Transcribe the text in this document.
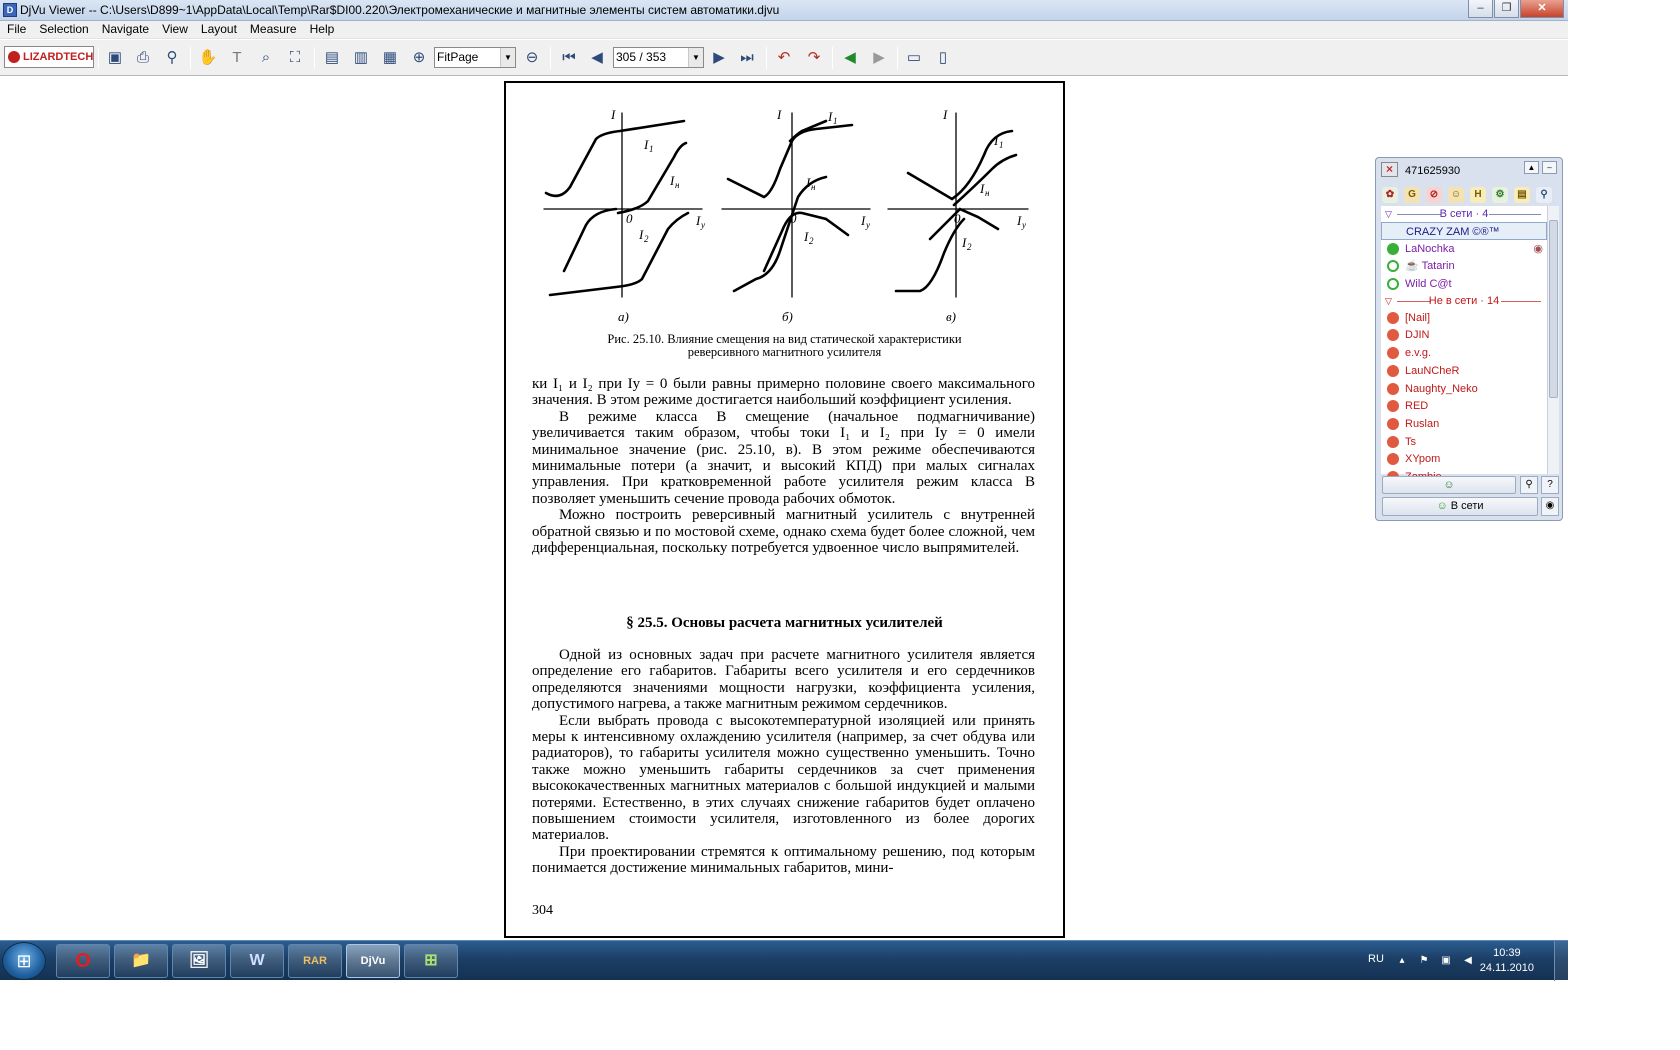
D DjVu Viewer -- C:\Users\D899~1\AppData\Local\Temp\Rar$DI00.220\Электромеханические и магнитные элементы систем автоматики.djvu	–	❐	✕
File Selection Navigate View Layout Measure Help
LIZARDTECH ▣ ⎙	⚲	✋	T	⌕	⛶	▤ ▥ ▦	⊕ FitPage	▼ ⊖	⏮	◀	305 / 353	▼ ▶	⏭	↶	↷	◀	▶	▭	▯
I	I	I
I у	I у	I у
0	0	0
I 1
I н
I 2
I 1
I н
I 2
I 1
I н
I 2
а)	б)	в)
Рис. 25.10. Влияние смещения на вид статической характеристики
реверсивного магнитного усилителя

ки I₁ и I₂ при Iу = 0 были равны примерно половине своего максимального значения. В этом режиме достигается наибольший коэффициент усиления.

В режиме класса B смещение (начальное подмагничивание) увеличивается таким образом, чтобы токи I₁ и I₂ при Iу = 0 имели минимальное значение (рис. 25.10, в). В этом режиме обеспечиваются минимальные потери (а значит, и высокий КПД) при малых сигналах управления. При кратковременной работе усилителя режим класса B позволяет уменьшить сечение провода рабочих обмоток.

Можно построить реверсивный магнитный усилитель с внутренней обратной связью и по мостовой схеме, однако схема будет более сложной, чем дифференциальная, поскольку потребуется удвоенное число выпрямителей.

§ 25.5. Основы расчета магнитных усилителей

Одной из основных задач при расчете магнитного усилителя является определение его габаритов. Габариты всего усилителя и его сердечников определяются значениями мощности нагрузки, коэффициента усиления, допустимого нагрева, а также магнитным режимом сердечников.

Если выбрать провода с высокотемпературной изоляцией или принять меры к интенсивному охлаждению усилителя (например, за счет обдува или радиаторов), то габариты усилителя можно существенно уменьшить. Точно также можно уменьшить габариты сердечников за счет применения высококачественных магнитных материалов с большой индукцией и малыми потерями. Естественно, в этих случаях снижение габаритов будет оплачено повышением стоимости усилителя, изготовленного из более дорогих материалов.

При проектировании стремятся к оптимальному решению, под которым понимается достижение минимальных габаритов, мини-

304
×	471625930	▲	–
✿	G	⊘	☺	H	⚙	▤	⚲
▽	В сети · 4
CRAZY ZAM ©®™
LaNochka	◉
☕ Tatarin
Wild C@t
▽	Не в сети · 14
[Nail]
DJIN
e.v.g.
LauNCheR
Naughty_Neko
RED
Ruslan
Ts
XYpom
☺	⚲	?
☺ В сети	◉
⊞	O	📁	🖼	W	RAR	DjVu	⊞	RU	▴	⚑ ▣ ◀
10:39
24.11.2010
